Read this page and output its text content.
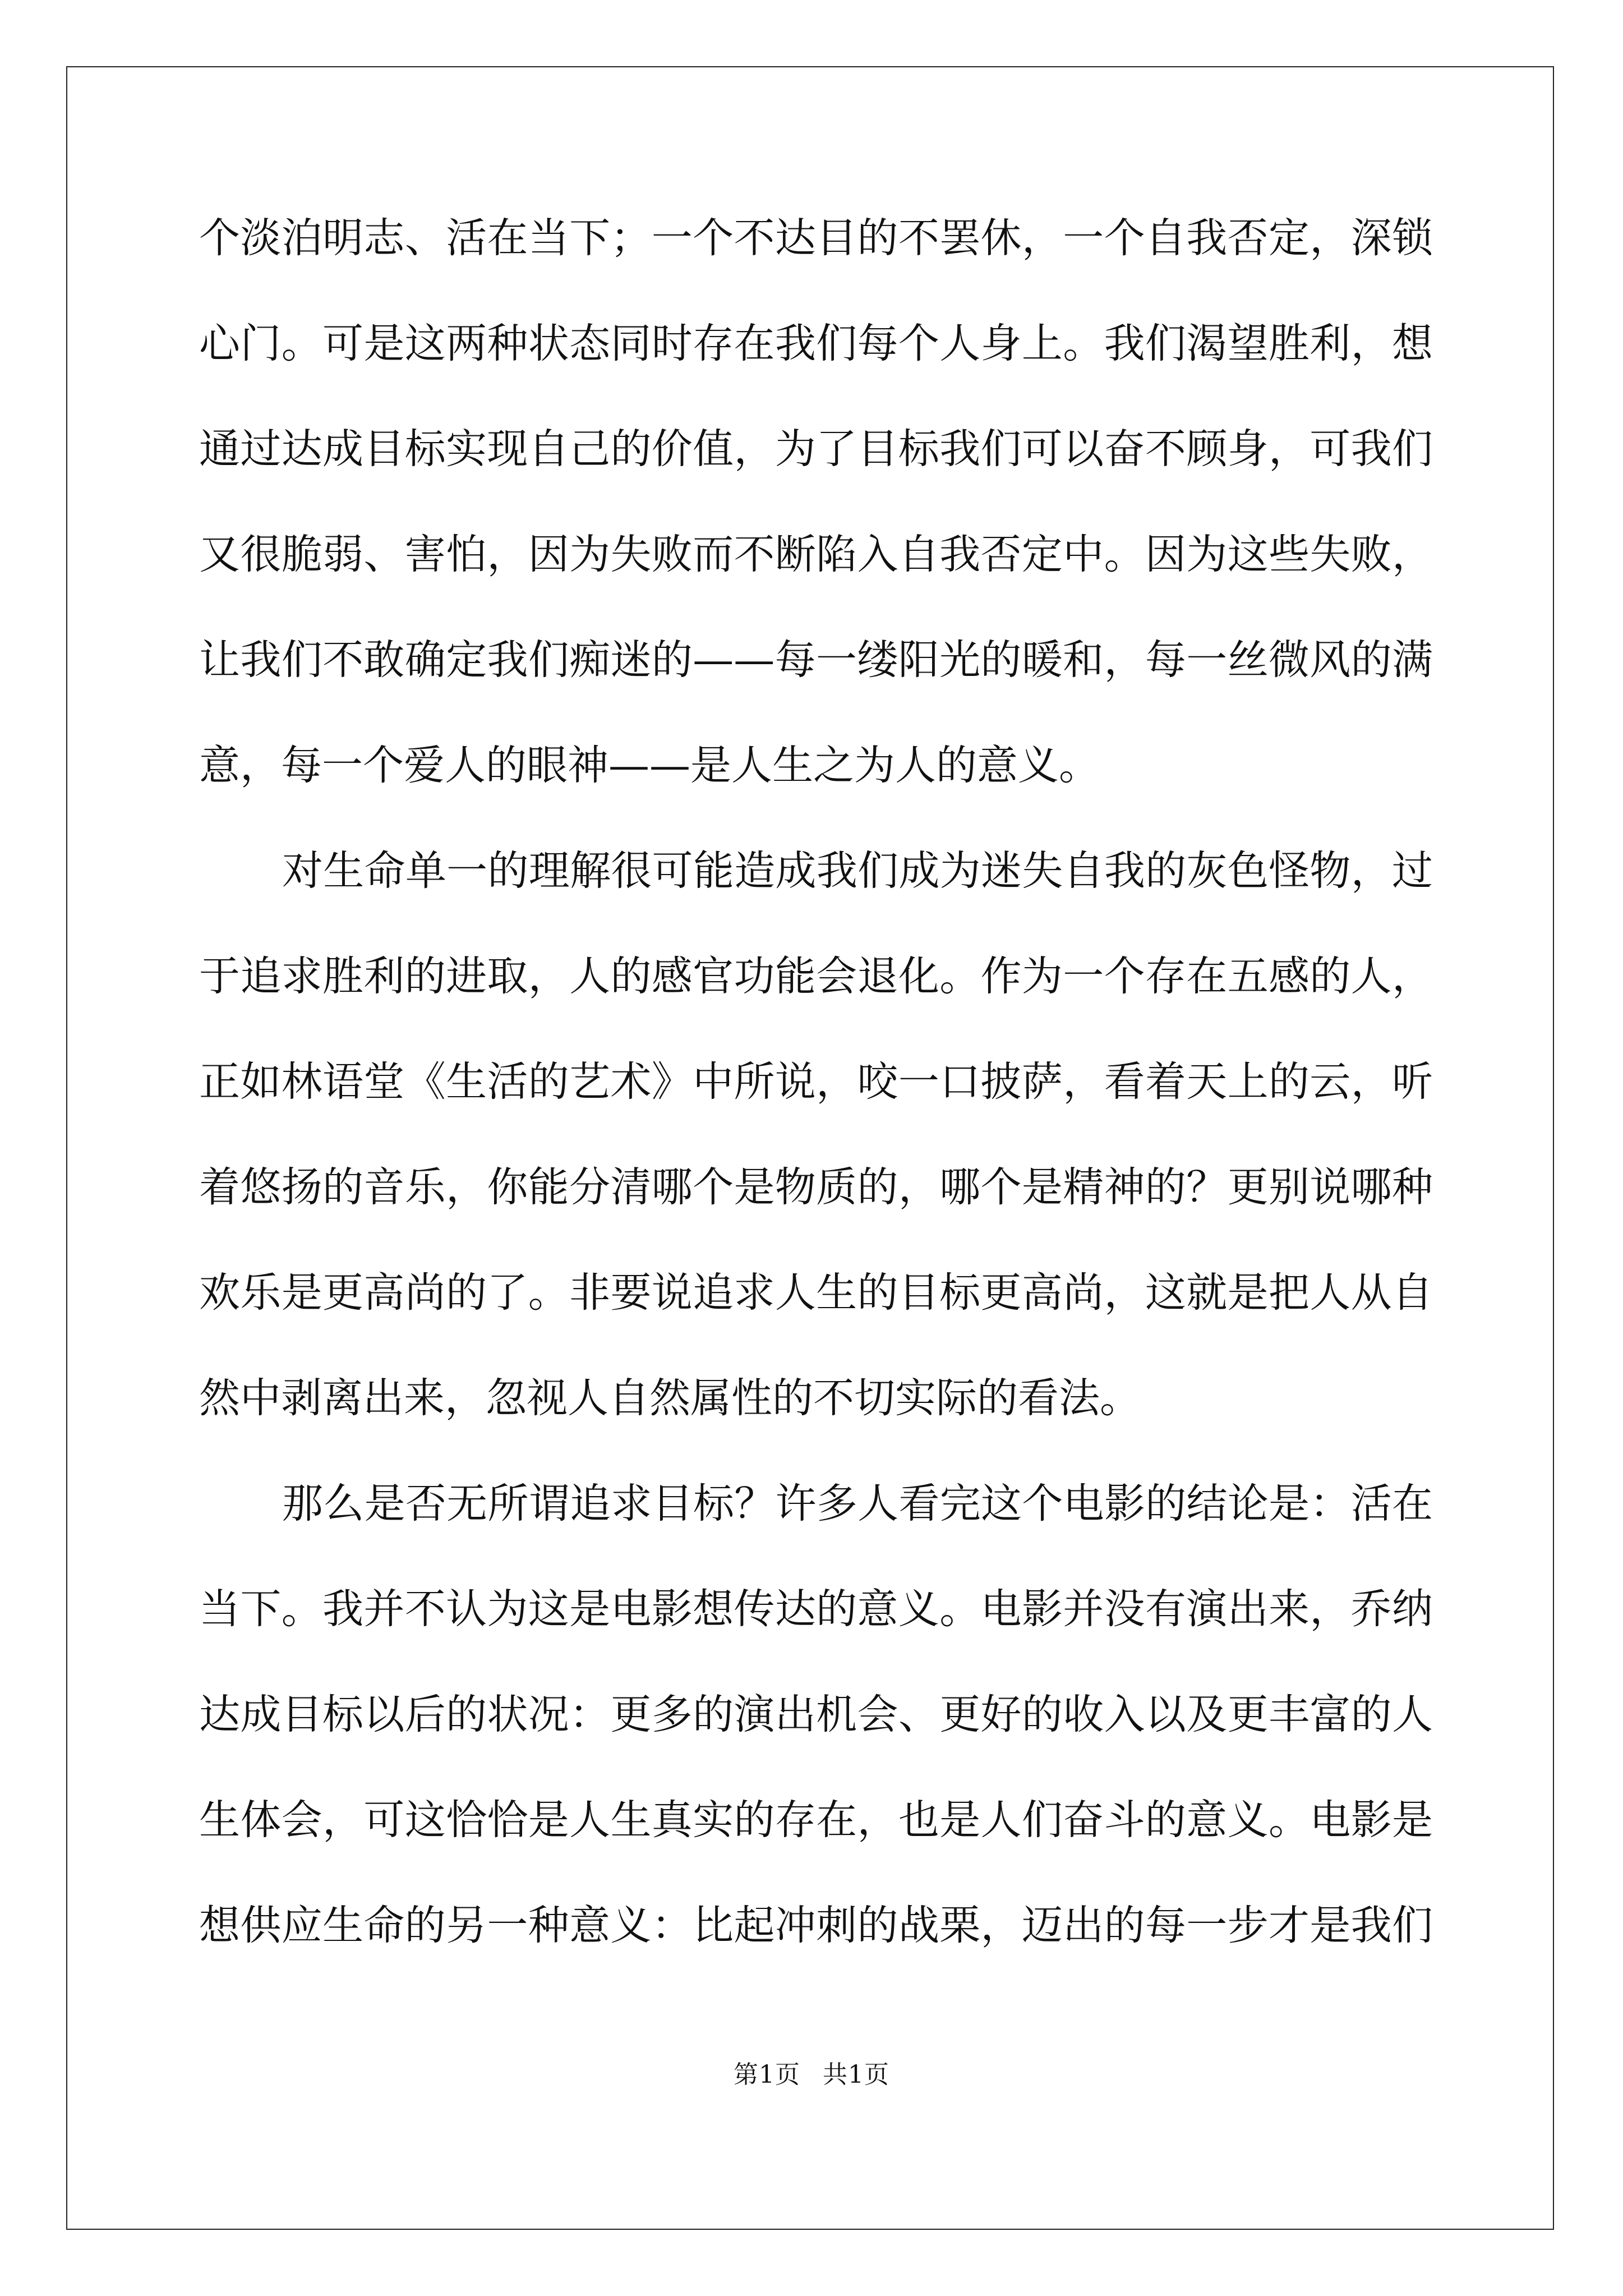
个淡泊明志、活在当下；一个不达目的不罢休，一个自我否定，深锁
心门。可是这两种状态同时存在我们每个人身上。我们渴望胜利，想
通过达成目标实现自己的价值，为了目标我们可以奋不顾身，可我们
又很脆弱、害怕，因为失败而不断陷入自我否定中。因为这些失败，
让我们不敢确定我们痴迷的——每一缕阳光的暖和，每一丝微风的满
意，每一个爱人的眼神——是人生之为人的意义。
对生命单一的理解很可能造成我们成为迷失自我的灰色怪物，过
于追求胜利的进取，人的感官功能会退化。作为一个存在五感的人，
正如林语堂《生活的艺术》中所说，咬一口披萨，看着天上的云，听
着悠扬的音乐，你能分清哪个是物质的，哪个是精神的？更别说哪种
欢乐是更高尚的了。非要说追求人生的目标更高尚，这就是把人从自
然中剥离出来，忽视人自然属性的不切实际的看法。
那么是否无所谓追求目标？许多人看完这个电影的结论是：活在
当下。我并不认为这是电影想传达的意义。电影并没有演出来，乔纳
达成目标以后的状况：更多的演出机会、更好的收入以及更丰富的人
生体会，可这恰恰是人生真实的存在，也是人们奋斗的意义。电影是
想供应生命的另一种意义：比起冲刺的战栗，迈出的每一步才是我们
第1页 共1页
